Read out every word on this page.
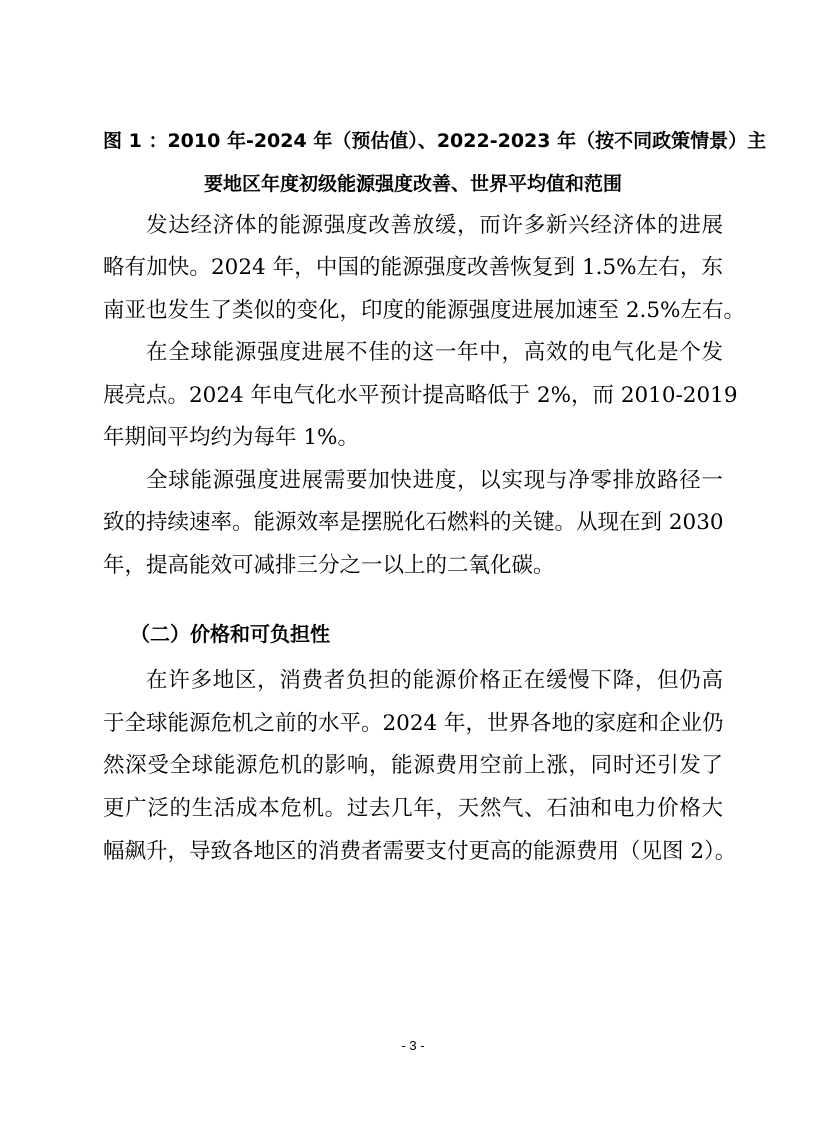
图 1 ：2010 年-2024 年（预估值）、2022-2023 年（按不同政策情景）主
要地区年度初级能源强度改善、世界平均值和范围
发达经济体的能源强度改善放缓，而许多新兴经济体的进展
略有加快。2024 年，中国的能源强度改善恢复到 1.5%左右，东
南亚也发生了类似的变化，印度的能源强度进展加速至 2.5%左右。
在全球能源强度进展不佳的这一年中，高效的电气化是个发
展亮点。2024 年电气化水平预计提高略低于 2%，而 2010-2019
年期间平均约为每年 1%。
全球能源强度进展需要加快进度，以实现与净零排放路径一
致的持续速率。能源效率是摆脱化石燃料的关键。从现在到 2030
年，提高能效可减排三分之一以上的二氧化碳。
（二）价格和可负担性
在许多地区，消费者负担的能源价格正在缓慢下降，但仍高
于全球能源危机之前的水平。2024 年，世界各地的家庭和企业仍
然深受全球能源危机的影响，能源费用空前上涨，同时还引发了
更广泛的生活成本危机。过去几年，天然气、石油和电力价格大
幅飙升，导致各地区的消费者需要支付更高的能源费用（见图 2）。
- 3 -
